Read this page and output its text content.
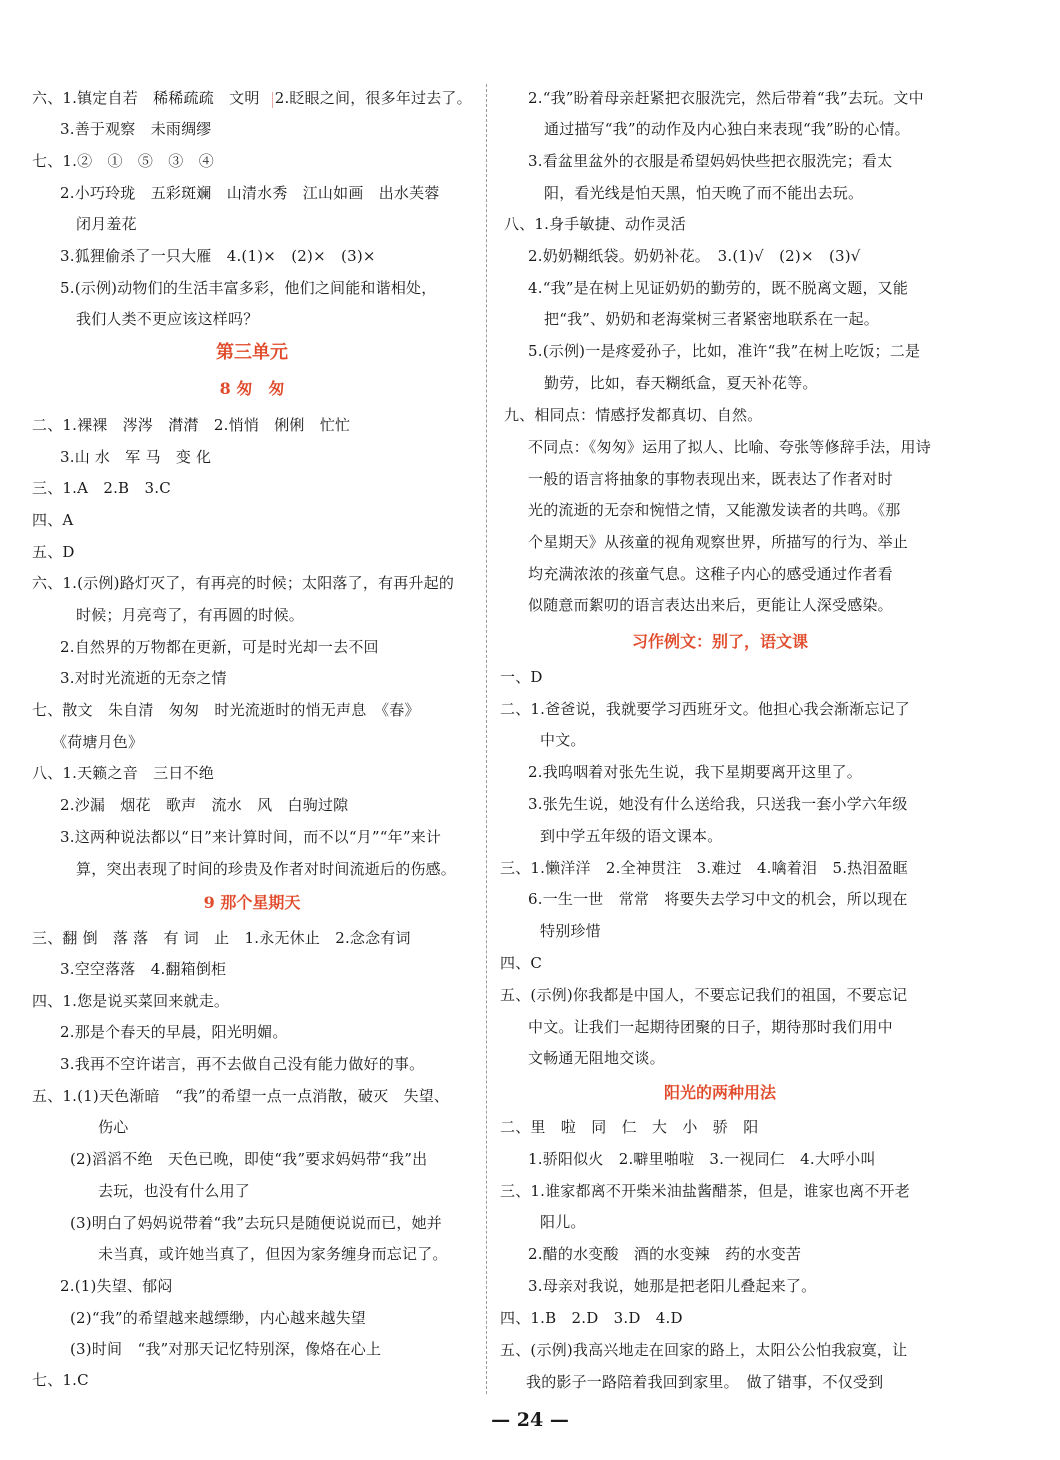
六、1.镇定自若　稀稀疏疏　文明　2.眨眼之间，很多年过去了。
3.善于观察　未雨绸缪
七、1.②　①　⑤　③　④
2.小巧玲珑　五彩斑斓　山清水秀　江山如画　出水芙蓉
闭月羞花
3.狐狸偷杀了一只大雁　4.(1)×　(2)×　(3)×
5.(示例)动物们的生活丰富多彩，他们之间能和谐相处，
我们人类不更应该这样吗？
二、1.裸裸　涔涔　潸潸　2.悄悄　俐俐　忙忙
3.山 水　军 马　变 化
三、1.A　2.B　3.C
四、A
五、D
六、1.(示例)路灯灭了，有再亮的时候；太阳落了，有再升起的
时候；月亮弯了，有再圆的时候。
2.自然界的万物都在更新，可是时光却一去不回
3.对时光流逝的无奈之情
七、散文　朱自清　匆匆　时光流逝时的悄无声息　《春》
《荷塘月色》
八、1.天籁之音　三日不绝
2.沙漏　烟花　歌声　流水　风　白驹过隙
3.这两种说法都以“日”来计算时间，而不以“月”“年”来计
算，突出表现了时间的珍贵及作者对时间流逝后的伤感。
三、翻 倒　落 落　有 词　止　1.永无休止　2.念念有词
3.空空落落　4.翻箱倒柜
四、1.您是说买菜回来就走。
2.那是个春天的早晨，阳光明媚。
3.我再不空许诺言，再不去做自己没有能力做好的事。
五、1.(1)天色渐暗　“我”的希望一点一点消散，破灭　失望、
伤心
(2)滔滔不绝　天色已晚，即使“我”要求妈妈带“我”出
去玩，也没有什么用了
(3)明白了妈妈说带着“我”去玩只是随便说说而已，她并
未当真，或许她当真了，但因为家务缠身而忘记了。
2.(1)失望、郁闷
(2)“我”的希望越来越缥缈，内心越来越失望
(3)时间　“我”对那天记忆特别深，像烙在心上
七、1.C
第三单元
8 匆　匆
9 那个星期天
2.“我”盼着母亲赶紧把衣服洗完，然后带着“我”去玩。文中
通过描写“我”的动作及内心独白来表现“我”盼的心情。
3.看盆里盆外的衣服是希望妈妈快些把衣服洗完；看太
阳，看光线是怕天黑，怕天晚了而不能出去玩。
八、1.身手敏捷、动作灵活
2.奶奶糊纸袋。奶奶补花。　3.(1)√　(2)×　(3)√
4.“我”是在树上见证奶奶的勤劳的，既不脱离文题，又能
把“我”、奶奶和老海棠树三者紧密地联系在一起。
5.(示例)一是疼爱孙子，比如，准许“我”在树上吃饭；二是
勤劳，比如，春天糊纸盒，夏天补花等。
九、相同点：情感抒发都真切、自然。
不同点：《匆匆》运用了拟人、比喻、夸张等修辞手法，用诗
一般的语言将抽象的事物表现出来，既表达了作者对时
光的流逝的无奈和惋惜之情，又能激发读者的共鸣。《那
个星期天》从孩童的视角观察世界，所描写的行为、举止
均充满浓浓的孩童气息。这稚子内心的感受通过作者看
似随意而絮叨的语言表达出来后，更能让人深受感染。
一、D
二、1.爸爸说，我就要学习西班牙文。他担心我会渐渐忘记了
中文。
2.我呜咽着对张先生说，我下星期要离开这里了。
3.张先生说，她没有什么送给我，只送我一套小学六年级
到中学五年级的语文课本。
三、1.懒洋洋　2.全神贯注　3.难过　4.噙着泪　5.热泪盈眶
6.一生一世　常常　将要失去学习中文的机会，所以现在
特别珍惜
四、C
五、(示例)你我都是中国人，不要忘记我们的祖国，不要忘记
中文。让我们一起期待团聚的日子，期待那时我们用中
文畅通无阻地交谈。
二、里　啦　同　仁　大　小　骄　阳
1.骄阳似火　2.噼里啪啦　3.一视同仁　4.大呼小叫
三、1.谁家都离不开柴米油盐酱醋茶，但是，谁家也离不开老
阳儿。
2.醋的水变酸　酒的水变辣　药的水变苦
3.母亲对我说，她那是把老阳儿叠起来了。
四、1.B　2.D　3.D　4.D
五、(示例)我高兴地走在回家的路上，太阳公公怕我寂寞，让
我的影子一路陪着我回到家里。　做了错事，不仅受到
习作例文：别了，语文课
阳光的两种用法
— 24 —
